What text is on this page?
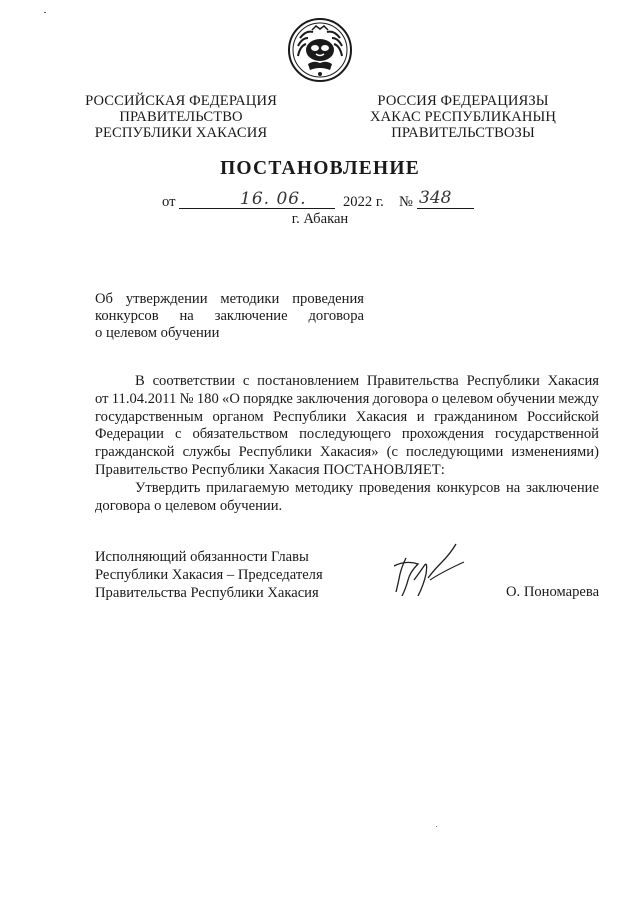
РОССИЙСКАЯ ФЕДЕРАЦИЯ
ПРАВИТЕЛЬСТВО
РЕСПУБЛИКИ ХАКАСИЯ
РОССИЯ ФЕДЕРАЦИЯЗЫ
ХАКАС РЕСПУБЛИКАНЫҢ
ПРАВИТЕЛЬСТВОЗЫ
ПОСТАНОВЛЕНИЕ
от	16. 06.	2022 г. № 348
г. Абакан
Об утверждении методики проведения
конкурсов на заключение договора
о целевом обучении
В соответствии с постановлением Правительства Республики Хакасия
от 11.04.2011 № 180 «О порядке заключения договора о целевом обучении между
государственным органом Республики Хакасия и гражданином Российской
Федерации с обязательством последующего прохождения государственной
гражданской службы Республики Хакасия» (с последующими изменениями)
Правительство Республики Хакасия ПОСТАНОВЛЯЕТ:
Утвердить прилагаемую методику проведения конкурсов на заключение
договора о целевом обучении.
Исполняющий обязанности Главы
Республики Хакасия – Председателя
Правительства Республики Хакасия	О. Пономарева
